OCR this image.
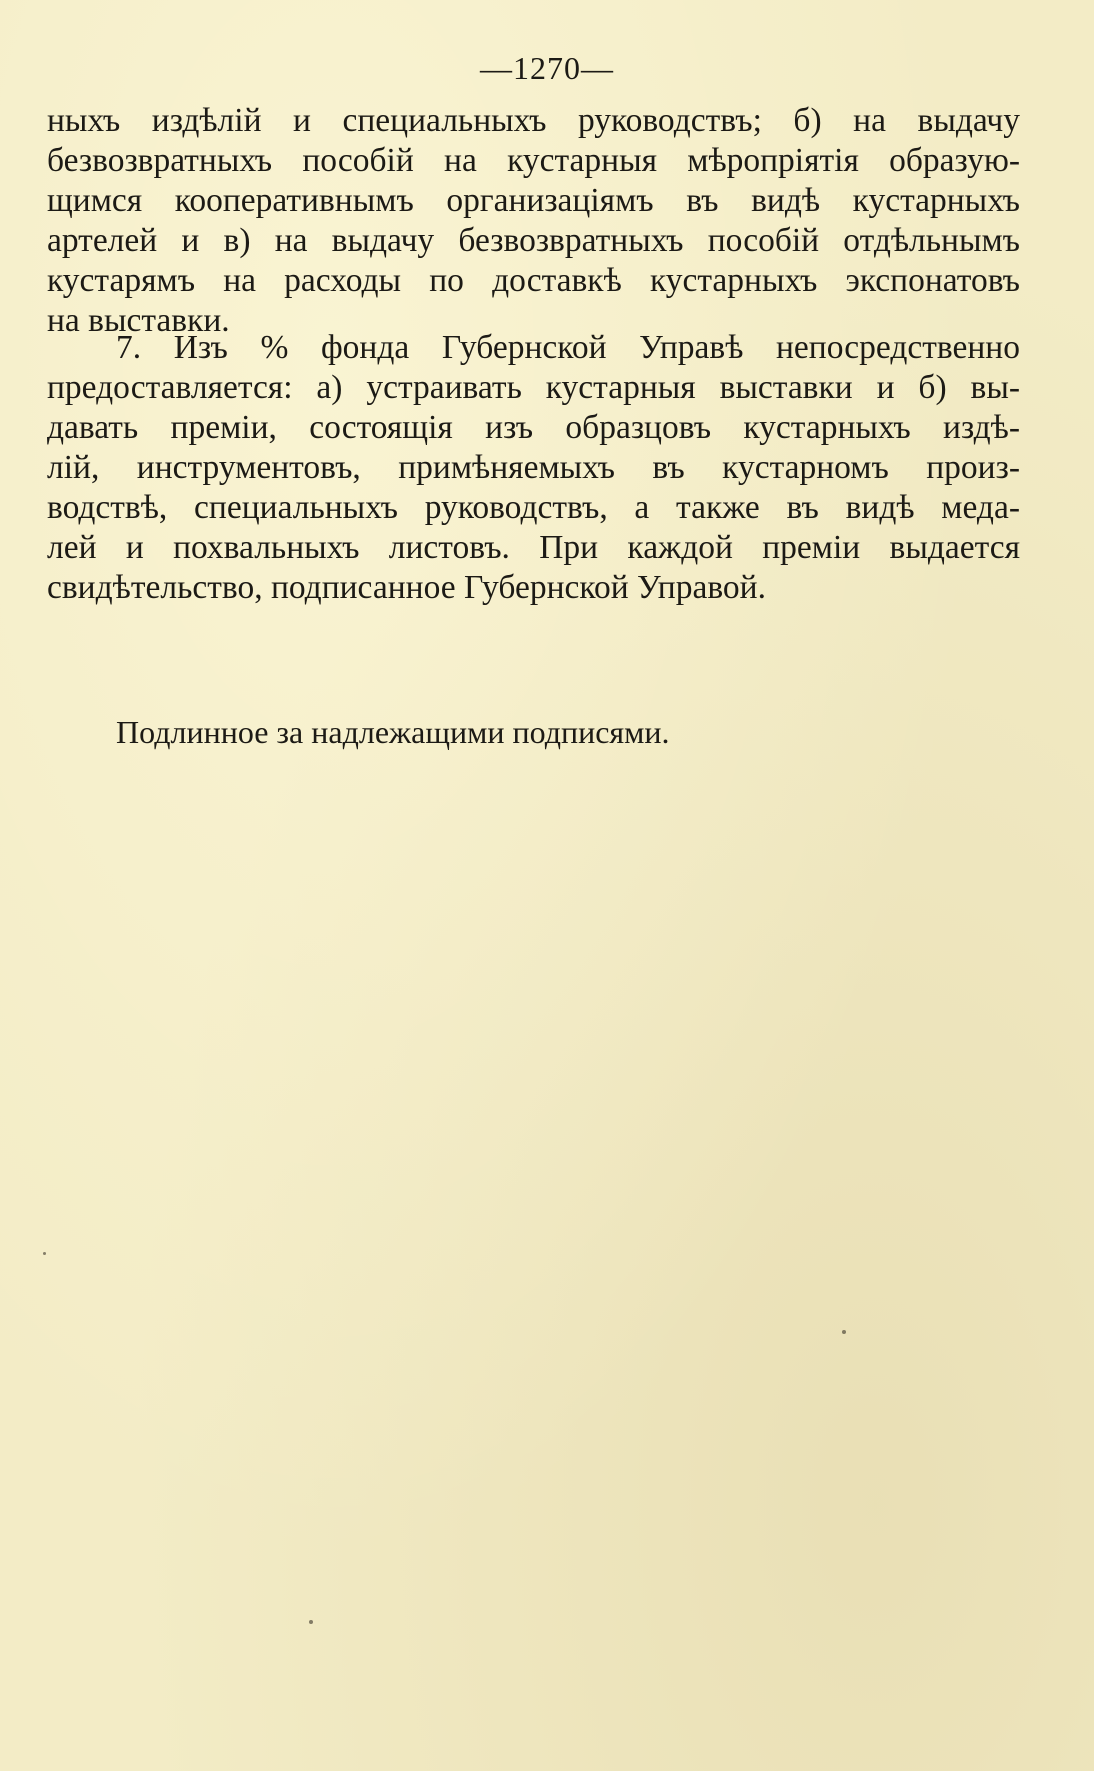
—1270—
ныхъ издѣлій и специальныхъ руководствъ; б) на выдачу
безвозвратныхъ пособій на кустарныя мѣропріятія образую-
щимся кооперативнымъ организаціямъ въ видѣ кустарныхъ
артелей и в) на выдачу безвозвратныхъ пособій отдѣльнымъ
кустарямъ на расходы по доставкѣ кустарныхъ экспонатовъ
на выставки.
7. Изъ % фонда Губернской Управѣ непосредственно
предоставляется: а) устраивать кустарныя выставки и б) вы-
давать преміи, состоящія изъ образцовъ кустарныхъ издѣ-
лій, инструментовъ, примѣняемыхъ въ кустарномъ произ-
водствѣ, специальныхъ руководствъ, а также въ видѣ меда-
лей и похвальныхъ листовъ. При каждой преміи выдается
свидѣтельство, подписанное Губернской Управой.
Подлинное за надлежащими подписями.
